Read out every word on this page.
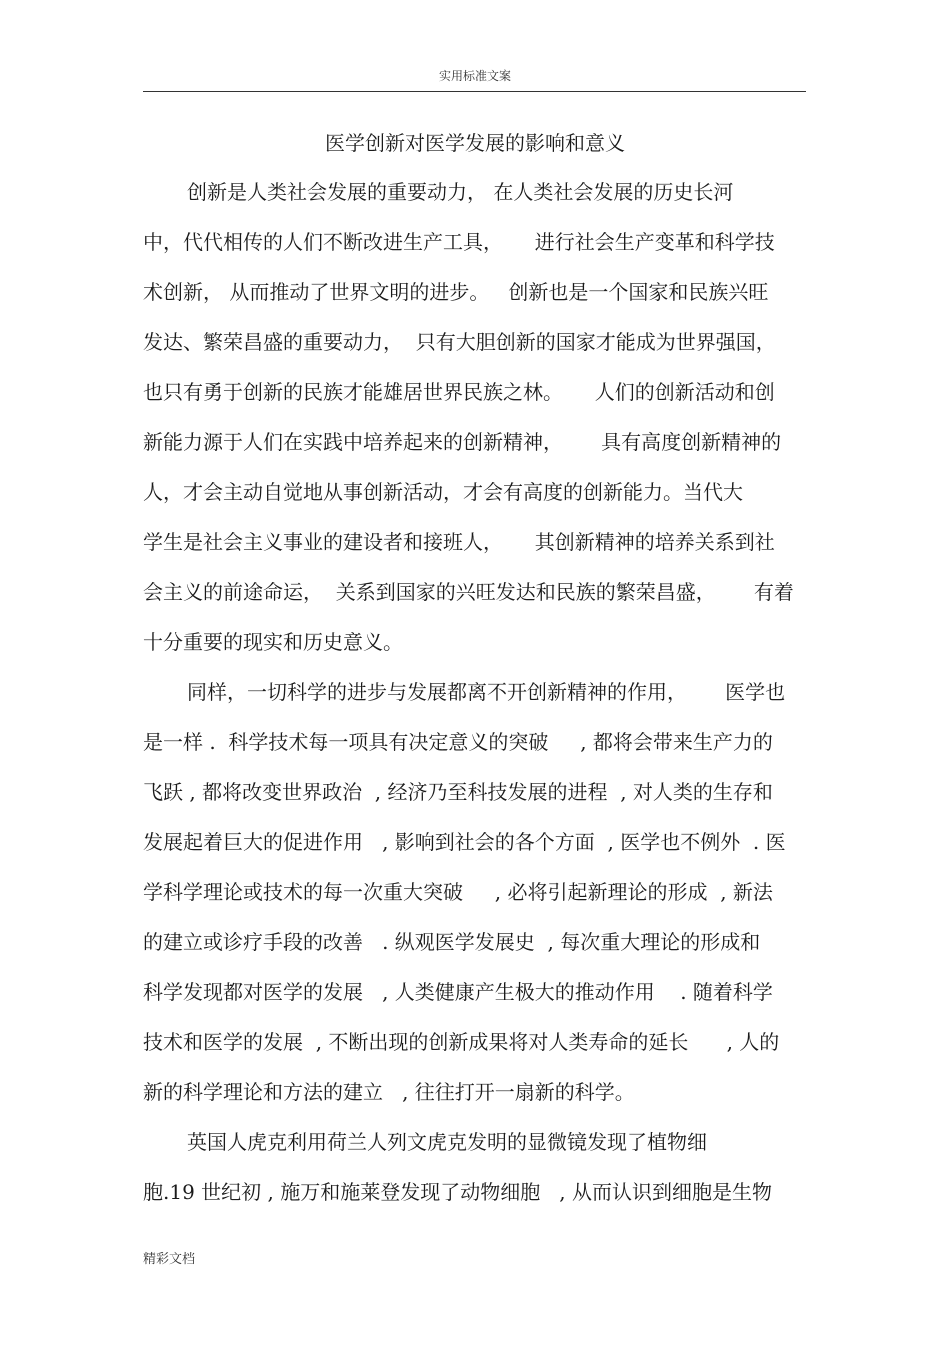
实用标准文案
医学创新对医学发展的影响和意义
创新是人类社会发展的重要动力， 在人类社会发展的历史长河
中，代代相传的人们不断改进生产工具，     进行社会生产变革和科学技
术创新， 从而推动了世界文明的进步。   创新也是一个国家和民族兴旺
发达、繁荣昌盛的重要动力，  只有大胆创新的国家才能成为世界强国，
也只有勇于创新的民族才能雄居世界民族之林。     人们的创新活动和创
新能力源于人们在实践中培养起来的创新精神，      具有高度创新精神的
人，才会主动自觉地从事创新活动，才会有高度的创新能力。当代大
学生是社会主义事业的建设者和接班人，     其创新精神的培养关系到社
会主义的前途命运，  关系到国家的兴旺发达和民族的繁荣昌盛，      有着
十分重要的现实和历史意义。
同样，一切科学的进步与发展都离不开创新精神的作用，      医学也
是一样 .  科学技术每一项具有决定意义的突破     , 都将会带来生产力的
飞跃 , 都将改变世界政治  , 经济乃至科技发展的进程  , 对人类的生存和
发展起着巨大的促进作用   , 影响到社会的各个方面  , 医学也不例外  . 医
学科学理论或技术的每一次重大突破     , 必将引起新理论的形成  , 新法
的建立或诊疗手段的改善   . 纵观医学发展史  , 每次重大理论的形成和
科学发现都对医学的发展   , 人类健康产生极大的推动作用    . 随着科学
技术和医学的发展  , 不断出现的创新成果将对人类寿命的延长      , 人的
新的科学理论和方法的建立   , 往往打开一扇新的科学。
英国人虎克利用荷兰人列文虎克发明的显微镜发现了植物细
胞.19 世纪初 , 施万和施莱登发现了动物细胞   , 从而认识到细胞是生物
精彩文档
